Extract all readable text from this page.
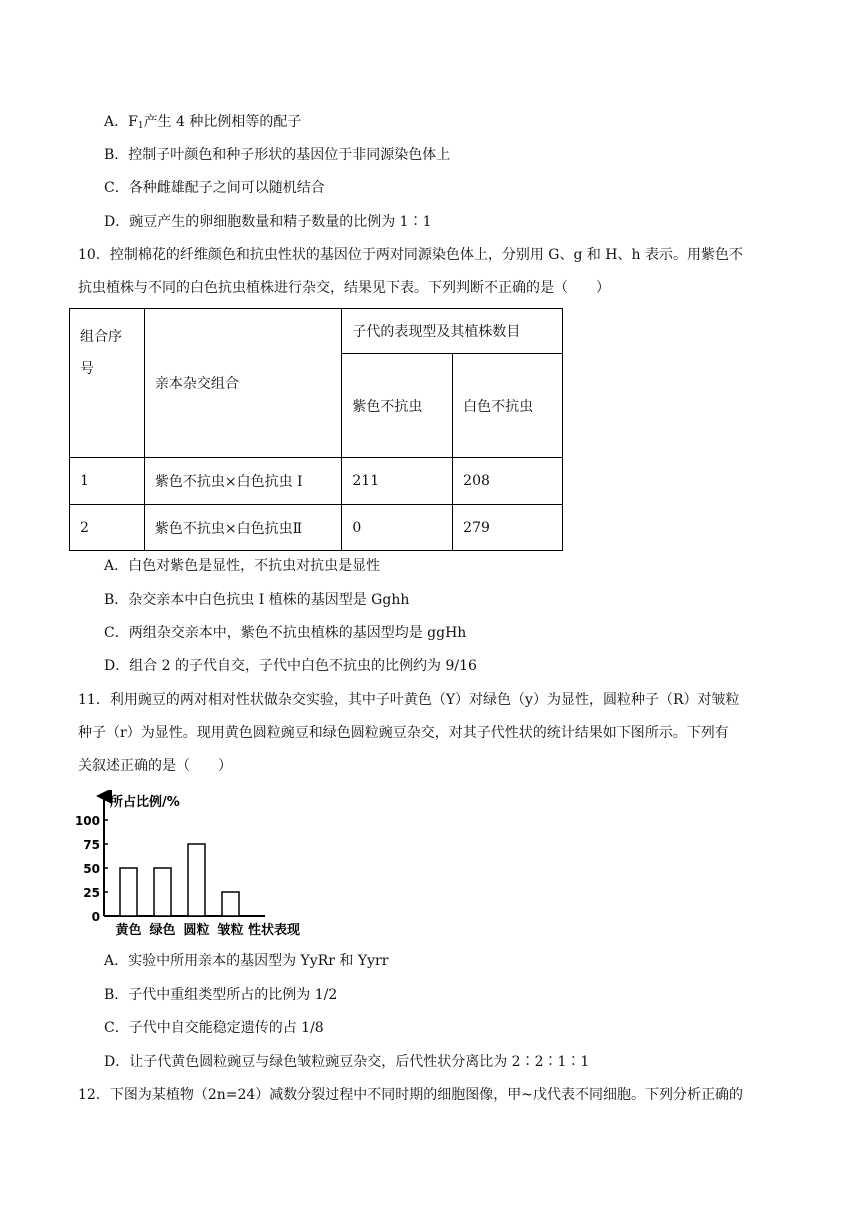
A．$F_1$产生 4 种比例相等的配子
B．控制子叶颜色和种子形状的基因位于非同源染色体上
C．各种雌雄配子之间可以随机结合
D．豌豆产生的卵细胞数量和精子数量的比例为 1∶1
10．控制棉花的纤维颜色和抗虫性状的基因位于两对同源染色体上，分别用 G、g 和 H、h 表示。用紫色不
抗虫植株与不同的白色抗虫植株进行杂交，结果见下表。下列判断不正确的是（　　）
组合序
号	亲本杂交组合	子代的表现型及其植株数目	
		紫色不抗虫	白色不抗虫
1	紫色不抗虫×白色抗虫 I	211	208
2	紫色不抗虫×白色抗虫Ⅱ	0	279
A．白色对紫色是显性，不抗虫对抗虫是显性
B．杂交亲本中白色抗虫 I 植株的基因型是 Gghh
C．两组杂交亲本中，紫色不抗虫植株的基因型均是 ggHh
D．组合 2 的子代自交，子代中白色不抗虫的比例约为 9/16
11．利用豌豆的两对相对性状做杂交实验，其中子叶黄色（Y）对绿色（y）为显性，圆粒种子（R）对皱粒
种子（r）为显性。现用黄色圆粒豌豆和绿色圆粒豌豆杂交，对其子代性状的统计结果如下图所示。下列有
关叙述正确的是（　　）
所占比例/%
0
25
50
75
100
黄色 绿色 圆粒 皱粒 性状表现
A．实验中所用亲本的基因型为 YyRr 和 Yyrr
B．子代中重组类型所占的比例为 1/2
C．子代中自交能稳定遗传的占 1/8
D．让子代黄色圆粒豌豆与绿色皱粒豌豆杂交，后代性状分离比为 2∶2∶1∶1
12．下图为某植物（2n=24）减数分裂过程中不同时期的细胞图像，甲~戊代表不同细胞。下列分析正确的
